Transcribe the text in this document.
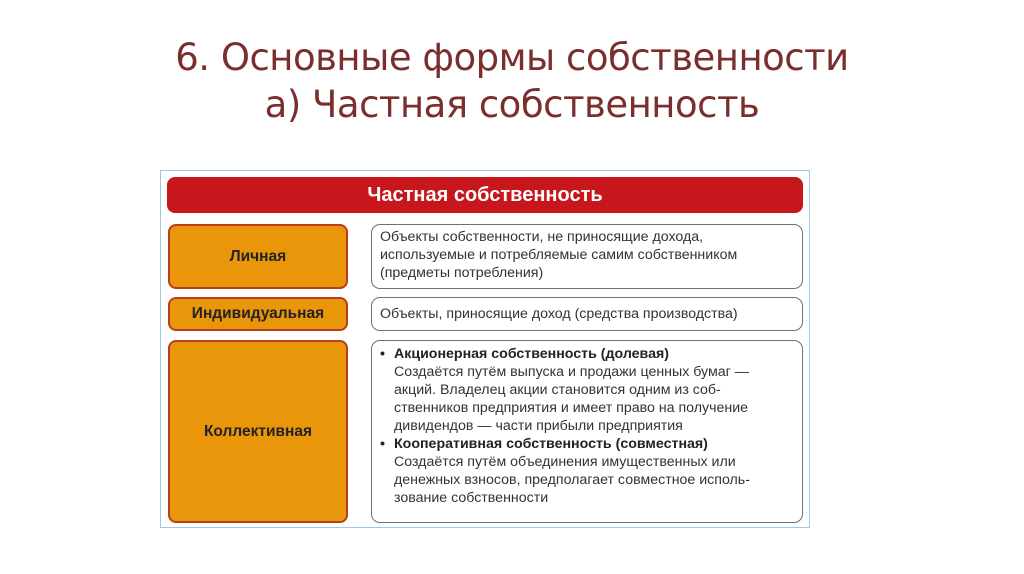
6. Основные формы собственности
а) Частная собственность
Частная собственность
Личная
Объекты собственности, не приносящие дохода,
используемые и потребляемые самим собственником
(предметы потребления)
Индивидуальная	Объекты, приносящие доход (средства производства)
Коллективная
• Акционерная собственность (долевая)
Создаётся путём выпуска и продажи ценных бумаг —
акций. Владелец акции становится одним из соб-
ственников предприятия и имеет право на получение
дивидендов — части прибыли предприятия
• Кооперативная собственность (совместная)
Создаётся путём объединения имущественных или
денежных взносов, предполагает совместное исполь-
зование собственности
